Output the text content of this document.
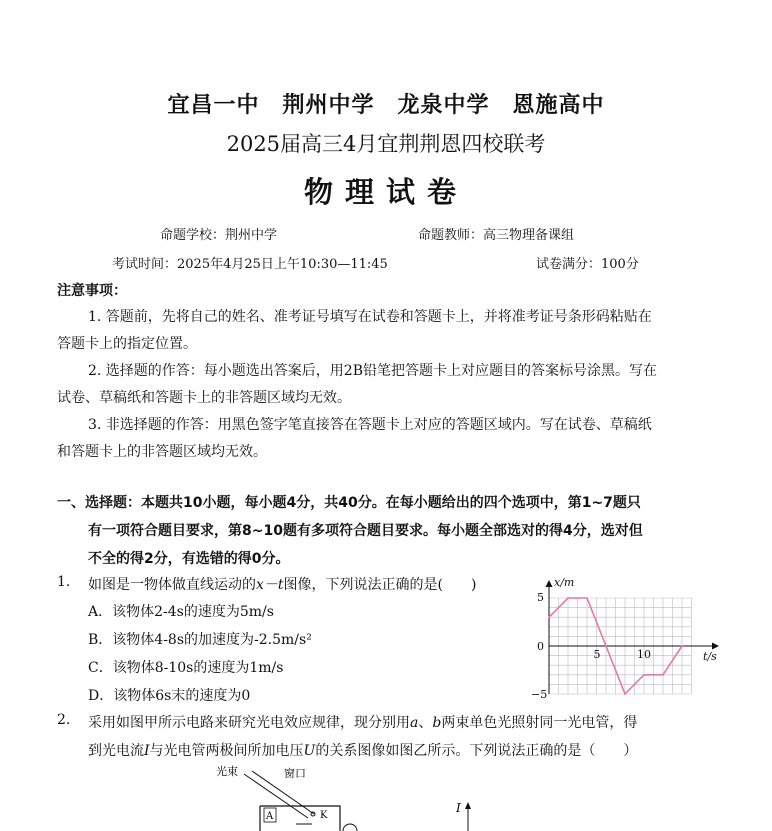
宜昌一中　荆州中学　龙泉中学　恩施高中
2025届高三4月宜荆荆恩四校联考
物理试卷
命题学校：荆州中学	命题教师：高三物理备课组
考试时间：2025年4月25日上午10:30—11:45	试卷满分：100分
注意事项：
1. 答题前，先将自己的姓名、准考证号填写在试卷和答题卡上，并将准考证号条形码粘贴在
答题卡上的指定位置。
2. 选择题的作答：每小题选出答案后，用2B铅笔把答题卡上对应题目的答案标号涂黑。写在
试卷、草稿纸和答题卡上的非答题区域均无效。
3. 非选择题的作答：用黑色签字笔直接答在答题卡上对应的答题区域内。写在试卷、草稿纸
和答题卡上的非答题区域均无效。
一、选择题：本题共10小题，每小题4分，共40分。在每小题给出的四个选项中，第1~7题只
有一项符合题目要求，第8~10题有多项符合题目要求。每小题全部选对的得4分，选对但
不全的得2分，有选错的得0分。
1. 如图是一物体做直线运动的x－t图像，下列说法正确的是(　　)
A．该物体2-4s的速度为5m/s
B．该物体4-8s的加速度为-2.5m/s²
C．该物体8-10s的速度为1m/s
D．该物体6s末的速度为0
x/m
t/s
0
5
−5
5	10
2. 采用如图甲所示电路来研究光电效应规律，现分别用a、b两束单色光照射同一光电管，得
到光电流I与光电管两极间所加电压U的关系图像如图乙所示。下列说法正确的是（　　）
光束	窗口
A	K
I
